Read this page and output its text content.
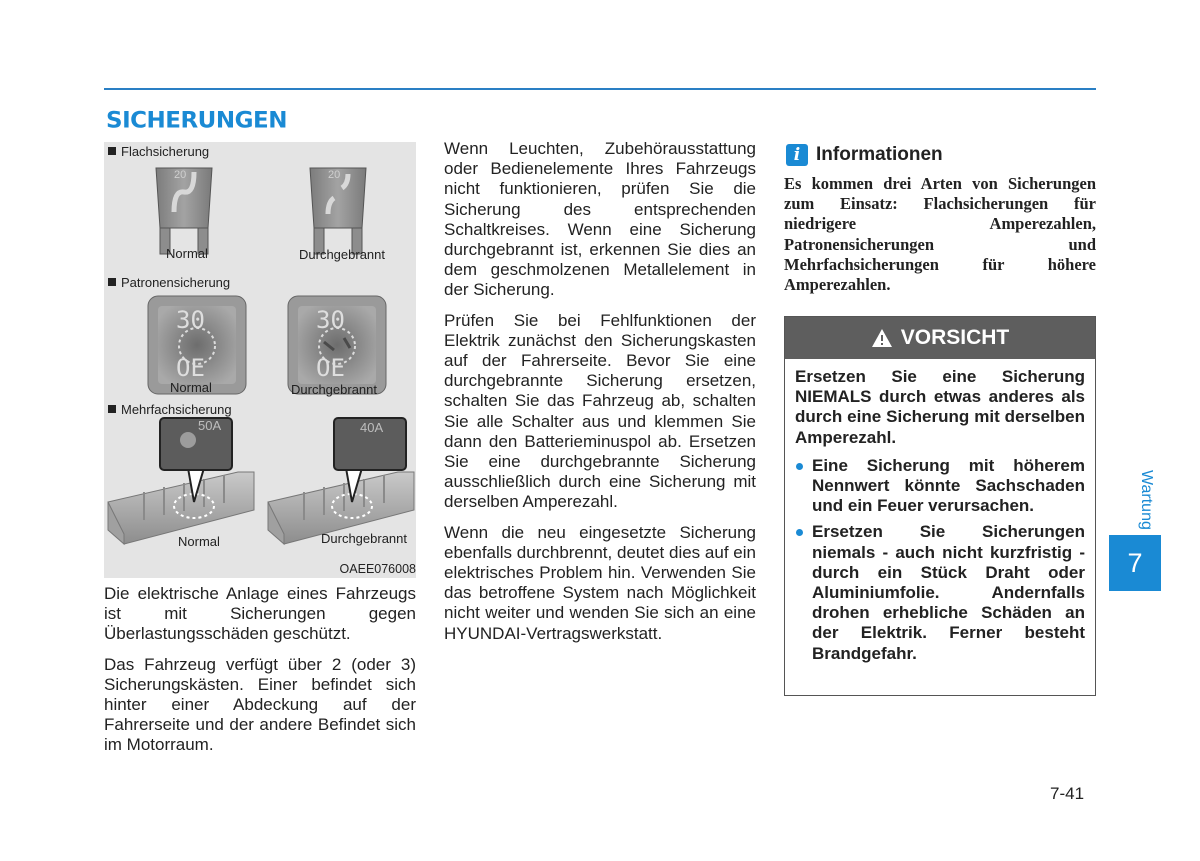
SICHERUNGEN
20	20
30
OE
30
OE
50A	40A
Flachsicherung
Normal	Durchgebrannt
Patronensicherung
Normal	Durchgebrannt
Mehrfachsicherung
Normal	Durchgebrannt
OAEE076008

Die elektrische Anlage eines Fahrzeugs ist mit Sicherungen gegen Überlastungsschäden geschützt.

Das Fahrzeug verfügt über 2 (oder 3) Sicherungskästen. Einer befindet sich hinter einer Abdeckung auf der Fahrerseite und der andere Befindet sich im Motorraum.

Wenn Leuchten, Zubehörausstattung oder Bedienelemente Ihres Fahrzeugs nicht funktionieren, prüfen Sie die Sicherung des entsprechenden Schaltkreises. Wenn eine Sicherung durchgebrannt ist, erkennen Sie dies an dem geschmolzenen Metallelement in der Sicherung.

Prüfen Sie bei Fehlfunktionen der Elektrik zunächst den Sicherungskasten auf der Fahrerseite. Bevor Sie eine durchgebrannte Sicherung ersetzen, schalten Sie das Fahrzeug ab, schalten Sie alle Schalter aus und klemmen Sie dann den Batterieminuspol ab. Ersetzen Sie eine durchgebrannte Sicherung ausschließlich durch eine Sicherung mit derselben Amperezahl.

Wenn die neu eingesetzte Sicherung ebenfalls durchbrennt, deutet dies auf ein elektrisches Problem hin. Verwenden Sie das betroffene System nach Möglichkeit nicht weiter und wenden Sie sich an eine HYUNDAI-Vertragswerkstatt.

i Informationen
Es kommen drei Arten von Sicherungen zum Einsatz: Flachsicherungen für niedrigere Amperezahlen, Patronensicherungen und Mehrfachsicherungen für höhere Amperezahlen.
VORSICHT

Ersetzen Sie eine Sicherung NIEMALS durch etwas anderes als durch eine Sicherung mit derselben Amperezahl.

Eine Sicherung mit höherem Nennwert könnte Sachschaden und ein Feuer verursachen.
Ersetzen Sie Sicherungen niemals - auch nicht kurzfristig - durch ein Stück Draht oder Aluminiumfolie. Andernfalls drohen erhebliche Schäden an der Elektrik. Ferner besteht Brandgefahr.
Wartung
7
7-41
